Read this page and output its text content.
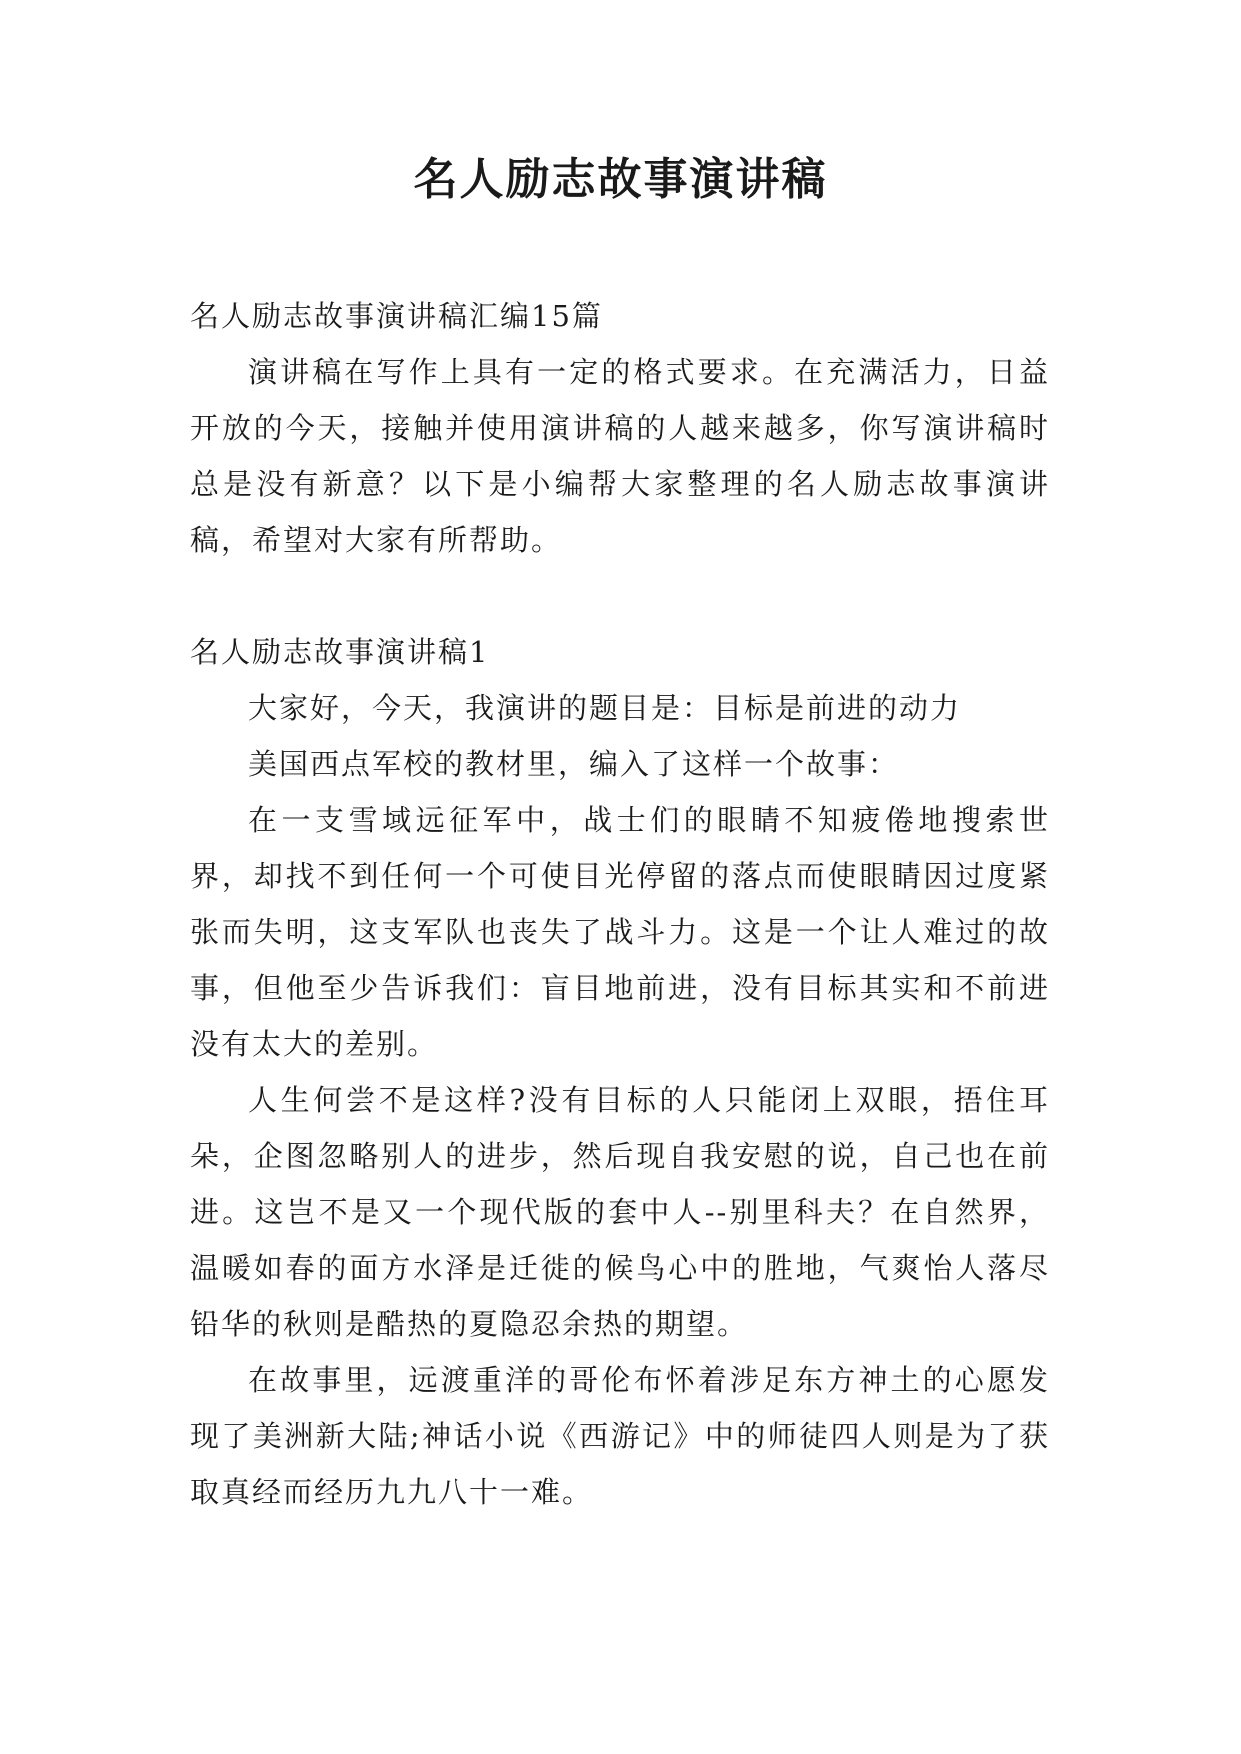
名人励志故事演讲稿

名人励志故事演讲稿汇编15篇

演讲稿在写作上具有一定的格式要求。在充满活力，日益开放的今天，接触并使用演讲稿的人越来越多，你写演讲稿时总是没有新意？以下是小编帮大家整理的名人励志故事演讲稿，希望对大家有所帮助。

名人励志故事演讲稿1

大家好，今天，我演讲的题目是：目标是前进的动力

美国西点军校的教材里，编入了这样一个故事：

在一支雪域远征军中，战士们的眼睛不知疲倦地搜索世界，却找不到任何一个可使目光停留的落点而使眼睛因过度紧张而失明，这支军队也丧失了战斗力。这是一个让人难过的故事，但他至少告诉我们：盲目地前进，没有目标其实和不前进没有太大的差别。

人生何尝不是这样?没有目标的人只能闭上双眼，捂住耳朵，企图忽略别人的进步，然后现自我安慰的说，自己也在前进。这岂不是又一个现代版的套中人--别里科夫？在自然界，温暖如春的面方水泽是迁徙的候鸟心中的胜地，气爽怡人落尽铅华的秋则是酷热的夏隐忍余热的期望。

在故事里，远渡重洋的哥伦布怀着涉足东方神土的心愿发现了美洲新大陆;神话小说《西游记》中的师徒四人则是为了获取真经而经历九九八十一难。
